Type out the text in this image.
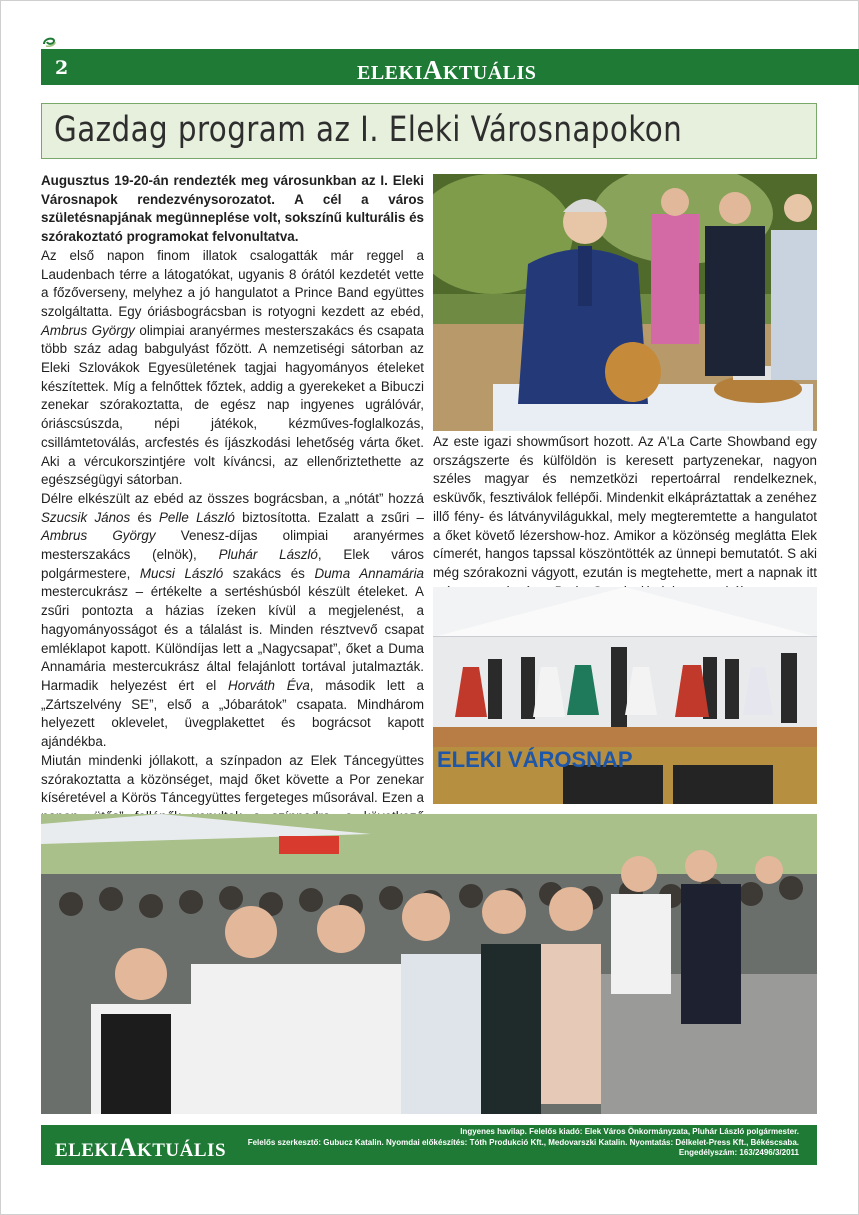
2	ELEKIAKTUÁLIS
Gazdag program az I. Eleki Városnapokon

Augusztus 19-20-án rendezték meg városunkban az I. Eleki Városnapok rendezvénysorozatot. A cél a város születésnapjának megünneplése volt, sokszínű kulturális és szórakoztató programokat felvonultatva.

Az első napon finom illatok csalogatták már reggel a Laudenbach térre a látogatókat, ugyanis 8 órától kezdetét vette a főzőverseny, melyhez a jó hangulatot a Prince Band együttes szolgáltatta. Egy óriásbográcsban is rotyogni kezdett az ebéd, Ambrus György olimpiai aranyérmes mesterszakács és csapata több száz adag babgulyást főzött. A nemzetiségi sátorban az Eleki Szlovákok Egyesületének tagjai hagyományos ételeket készítettek. Míg a felnőttek főztek, addig a gyerekeket a Bibuczi zenekar szórakoztatta, de egész nap ingyenes ugrálóvár, óriáscsúszda, népi játékok, kézműves-foglalkozás, csillámtetoválás, arcfestés és íjászkodási lehetőség várta őket. Aki a vércukorszintjére volt kíváncsi, az ellenőriztethette az egészségügyi sátorban.

Délre elkészült az ebéd az összes bográcsban, a „nótát” hozzá Szucsik János és Pelle László biztosította. Ezalatt a zsűri – Ambrus György Venesz-díjas olimpiai aranyérmes mesterszakács (elnök), Pluhár László, Elek város polgármestere, Mucsi László szakács és Duma Annamária mestercukrász – értékelte a sertéshúsból készült ételeket. A zsűri pontozta a házias ízeken kívül a megjelenést, a hagyományosságot és a tálalást is. Minden résztvevő csapat emléklapot kapott. Különdíjas lett a „Nagycsapat”, őket a Duma Annamária mestercukrász által felajánlott tortával jutalmazták. Harmadik helyezést ért el Horváth Éva, második lett a „Zártszelvény SE”, első a „Jóbarátok” csapata. Mindhárom helyezett oklevelet, üvegplakettet és bográcsot kapott ajándékba.

Miután mindenki jóllakott, a színpadon az Elek Táncegyüttes szórakoztatta a közönséget, majd őket követte a Por zenekar kíséretével a Körös Táncegyüttes fergeteges műsorával. Ezen a

Az este igazi showműsort hozott. Az A'La Carte Showband egy országszerte és külföldön is keresett partyzenekar, nagyon széles magyar és nemzetközi repertoárral rendelkeznek, esküvők, fesztiválok fellépői. Mindenkit elkápráztattak a zenéhez illő fény- és látványvilágukkal, mely megteremtette a hangulatot a őket követő lézershow-hoz. Amikor a közönség meglátta Elek címerét, hangos tapssal köszöntötték az ünnepi bemutatót. S aki még szórakozni vágyott, ezután is megtehette, mert a napnak itt

ELEKI VÁROSNAP
ELEKIAKTUÁLIS
Ingyenes havilap. Felelős kiadó: Elek Város Önkormányzata, Pluhár László polgármester.
Felelős szerkesztő: Gubucz Katalin. Nyomdai előkészítés: Tóth Produkció Kft., Medovarszki Katalin. Nyomtatás: Délkelet-Press Kft., Békéscsaba.
Engedélyszám: 163/2496/3/2011
